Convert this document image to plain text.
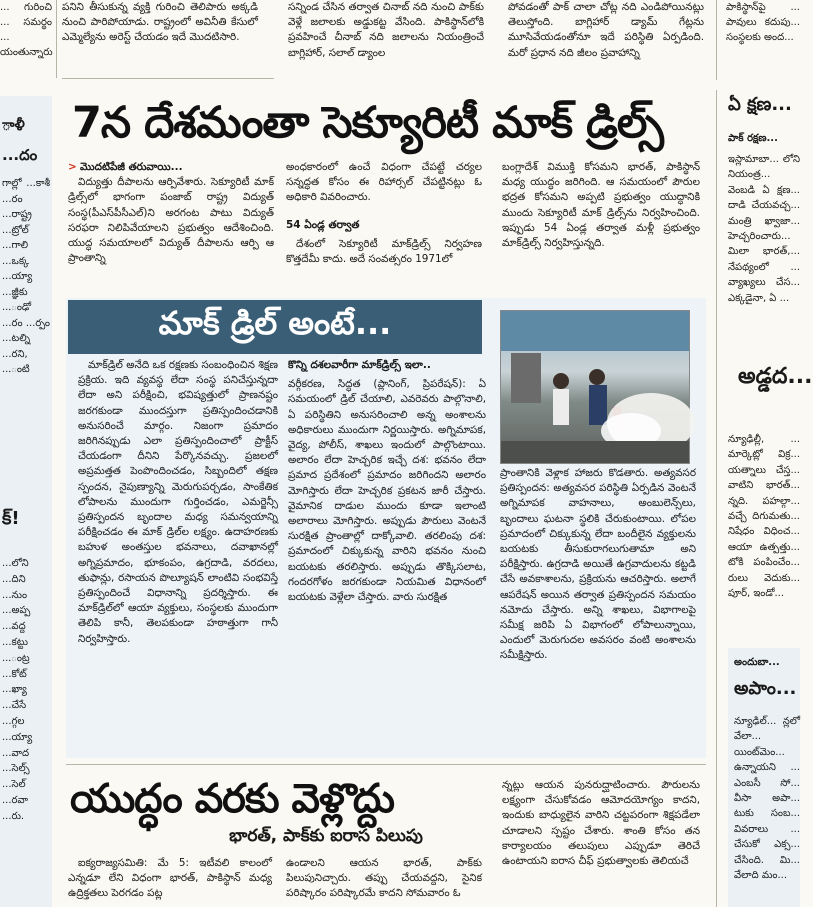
... గురించి ... సమర్థం ... యంతున్నారు
పనిని తీసుకున్న వ్యక్తి గురించి తెలిపారు అక్కడి నుంచి పారిపోయాడు. రాష్ట్రంలో అవినీతి కేసులో ఎమ్మెల్యేను అరెస్ట్ చేయడం ఇదే మొదటిసారి.
సన్నిండ చేసిన తర్వాత చినాబ్ నది నుంచి పాక్‌కు వెళ్లే జలాలకు అడ్డుకట్ట వేసింది. పాకిస్థాన్‌లోకి ప్రవహించే చీనాబ్ నది జలాలను నియంత్రించే బాగ్లిహార్, సలాల్ డ్యాంల
పోవడంతో పాక్ చాలా చోట్ల నది ఎండిపోయినట్లు తెలుస్తోంది. బాగ్లిహార్ డ్యామ్ గేట్లను మూసివేయడంతోనూ ఇదే పరిస్థితి ఏర్పడింది. మరో ప్రధాన నది జీలం ప్రవాహాన్ని
పాకిస్థాన్‌పై ... పావులు కదుపు... సంస్థలకు అంద...
ాళీ ...దం
గాల్లో ...కాశీ ...రం ...రాష్ట్ర ...ట్రోల్ ...గాలి ...ఒక్క ...య్యా ...జ్ఞీకు ...ంఢో ...రం ...ర్పం ...టల్ని ...రని, ...ంటి
క్!
...లోని ...దిని ...నుం ...అప్ప ...వద్ద ...కట్టు ...ంట్ర ...కోట్ ...ఖ్యా ...చేసే ...గ్గల ...య్యా ...వాద ...సెల్స్ ...సెల్ ...రవా ...రు.
7న దేశమంతా సెక్యూరిటీ మాక్ డ్రిల్స్

> మొదటిపేజీ తరువాయి...

విద్యుత్తు దీపాలను ఆర్పివేశారు. సెక్యూరిటీ మాక్ డ్రిల్స్‌లో భాగంగా పంజాబ్ రాష్ట్ర విద్యుత్ సంస్థ(పీఎస్‌పీసీఎల్)ని అరగంట పాటు విద్యుత్ సరఫరా నిలిపివేయాలని ప్రభుత్వం ఆదేశించింది. యుద్ధ సమయాలలో విద్యుత్ దీపాలను ఆర్పి ఆ ప్రాంతాన్ని

అంధకారంలో ఉంచే విధంగా చేపట్టే చర్యల సన్నద్ధత కోసం ఈ రిహార్సల్ చేపట్టినట్లు ఓ అధికారి వివరించారు.

54 ఏండ్ల తర్వాత

దేశంలో సెక్యూరిటీ మాక్‌డ్రిల్స్ నిర్వహణ కొత్తదేమీ కాదు. అదే సంవత్సరం 1971లో

బంగ్లాదేశ్ విముక్తి కోసమని భారత్, పాకిస్థాన్ మధ్య యుద్ధం జరిగింది. ఆ సమయంలో పౌరుల భద్రత కోసమని అప్పటి ప్రభుత్వం యుద్ధానికి ముందు సెక్యూరిటీ మాక్ డ్రిల్స్‌ను నిర్వహించింది. ఇప్పుడు 54 ఏండ్ల తర్వాత మళ్లీ ప్రభుత్వం మాక్‌డ్రిల్స్ నిర్వహిస్తున్నది.

మాక్ డ్రిల్ అంటే...

మాక్‌డ్రిల్ అనేది ఒక రక్షణకు సంబంధించిన శిక్షణ ప్రక్రియ. ఇది వ్యవస్థ లేదా సంస్థ పనిచేస్తున్నదా లేదా అని పరీక్షించి, భవిష్యత్తులో ప్రాణనష్టం జరగకుండా ముందస్తుగా ప్రతిస్పందించడానికి అనుసరించే మార్గం. నిజంగా ప్రమాదం జరిగినప్పుడు ఎలా ప్రతిస్పందించాలో ప్రాక్టీస్ చేయడంగా దీనిని పేర్కొనవచ్చు. ప్రజలలో అప్రమత్తత పెంపొందించడం, సిబ్బందిలో తక్షణ స్పందన, నైపుణ్యాన్ని మెరుగుపర్చడం, సాంకేతిక లోపాలను ముందుగా గుర్తించడం, ఎమర్జెన్సీ ప్రతిస్పందన బృందాల మధ్య సమన్వయాన్ని పరీక్షించడం ఈ మాక్ డ్రిల్‌ల లక్ష్యం. ఉదాహరణకు బహుళ అంతస్తుల భవనాలు, దవాఖానల్లో అగ్నిప్రమాదం, భూకంపం, ఉగ్రదాడి, వరదలు, తుఫాన్లు, రసాయన పొల్యూషన్ లాంటివి సంభవిస్తే ప్రతిస్పందించే విధానాన్ని ప్రదర్శిస్తారు. ఈ మాక్‌డ్రిల్‌లో ఆయా వ్యక్తులు, సంస్థలకు ముందుగా తెలిపి కానీ, తెలపకుండా హఠాత్తుగా గానీ నిర్వహిస్తారు.

కొన్ని దశలవారీగా మాక్‌డ్రిల్స్ ఇలా..

వర్గీకరణ, సిద్ధత (ప్లానింగ్, ప్రిపరేషన్): ఏ సమయంలో డ్రిల్ చేయాలి, ఎవరెవరు పాల్గొనాలి, ఏ పరిస్థితిని అనుసరించాలి అన్న అంశాలను అధికారులు ముందుగా నిర్ణయిస్తారు. అగ్నిమాపక, వైద్య, పోలీస్, శాఖలు ఇందులో పాల్గొంటాయి. అలారం లేదా హెచ్చరిక ఇచ్చే దశ: భవనం లేదా ప్రమాద ప్రదేశంలో ప్రమాదం జరిగిందని అలారం మోగిస్తారు లేదా హెచ్చరిక ప్రకటన జారీ చేస్తారు. వైమానిక దాడుల ముందు కూడా ఇలాంటి అలారాలు మోగిస్తారు. అప్పుడు పౌరులు వెంటనే సురక్షిత ప్రాంతాల్లో దాక్కోవాలి. తరలింపు దశ: ప్రమాదంలో చిక్కుకున్న వారిని భవనం నుంచి బయటకు తరలిస్తారు. అప్పుడు తొక్కిసలాట, గందరగోళం జరగకుండా నియమిత విధానంలో బయటకు వెళ్లేలా చేస్తారు. వారు సురక్షిత

ప్రాంతానికి వెళ్లాక హాజరు కొడతారు. అత్యవసర ప్రతిస్పందన: అత్యవసర పరిస్థితి ఏర్పడిన వెంటనే అగ్నిమాపక వాహనాలు, అంబులెన్స్‌లు, బృందాలు ఘటనా స్థలికి చేరుకుంటాయి. లోపల ప్రమాదంలో చిక్కుకున్న లేదా బందీలైన వ్యక్తులను బయటకు తీసుకురాగలుగుతామా అని పరీక్షిస్తారు. ఉగ్రదాడి అయితే ఉగ్రవాదులను కట్టడి చేసే అవకాశాలను, ప్రక్రియను ఆచరిస్తారు. అలాగే ఆపరేషన్ అయిన తర్వాత ప్రతిస్పందన సమయం నమోదు చేస్తారు. అన్ని శాఖలు, విభాగాలపై సమీక్ష జరిపి ఏ విభాగంలో లోపాలున్నాయి, ఎందులో మెరుగుదల అవసరం వంటి అంశాలను సమీక్షిస్తారు.

యుద్ధం వరకు వెళ్లొద్దు
భారత్, పాక్‌కు ఐరాస పిలుపు
ఐక్యరాజ్యసమితి: మే 5: ఇటీవలి కాలంలో ఎన్నడూ లేని విధంగా భారత్, పాకిస్థాన్ మధ్య ఉద్రిక్తతలు పెరగడం పట్ల
ఉండాలని ఆయన భారత్, పాక్‌కు పిలుపునిచ్చారు. తప్పు చేయవద్దని, సైనిక పరిష్కారం పరిష్కారమే కాదని సోమవారం ఓ
న్నట్లు ఆయన పునరుద్ఘాటించారు. పౌరులను లక్ష్యంగా చేసుకోవడం ఆమోదయోగ్యం కాదని, ఇందుకు బాధ్యులైన వారిని చట్టపరంగా శిక్షపడేలా చూడాలని స్పష్టం చేశారు. శాంతి కోసం తన కార్యాలయం తలుపులు ఎప్పుడూ తెరిచే ఉంటాయని ఐరాస చీఫ్ ప్రభుత్వాలకు తెలియచే
ఏ క్షణ...
పాక్ రక్షణ...
ఇస్లామాబా... లోని నియంత్ర... వెంబడి ఏ క్షణ... దాడి చేయవచ్చ... మంత్రి ఖ్వాజా... హెచ్చరించారు... మిలా భారత్,... నేపథ్యంలో ... వ్యాఖ్యలు చేస... ఎక్కడైనా, ఏ ...
అడ్డద...
న్యూఢిల్లీ, ... మార్కెట్లో విక్ర... యత్నాలు చేస్త... వాటిని భారత్‌... న్నది. పహల్గా... వచ్చే దిగుమతు... నిషేధం విధించ... ఆయా ఉత్పత్తు... టోకి పంపించేం... రులు వెదుకు... పూర్, ఇండో...
అందుబా...
అపాం...
న్యూఢిల్... న్లలో వేలా... యింట్‌మెం... ఉన్నాయని ... ఎంబసీ సో... వీసా అపా... టుకు సంబ... వివరాలు ... చేసుకో ఎక్స... చేసింది. మి... వేలాది మం...
